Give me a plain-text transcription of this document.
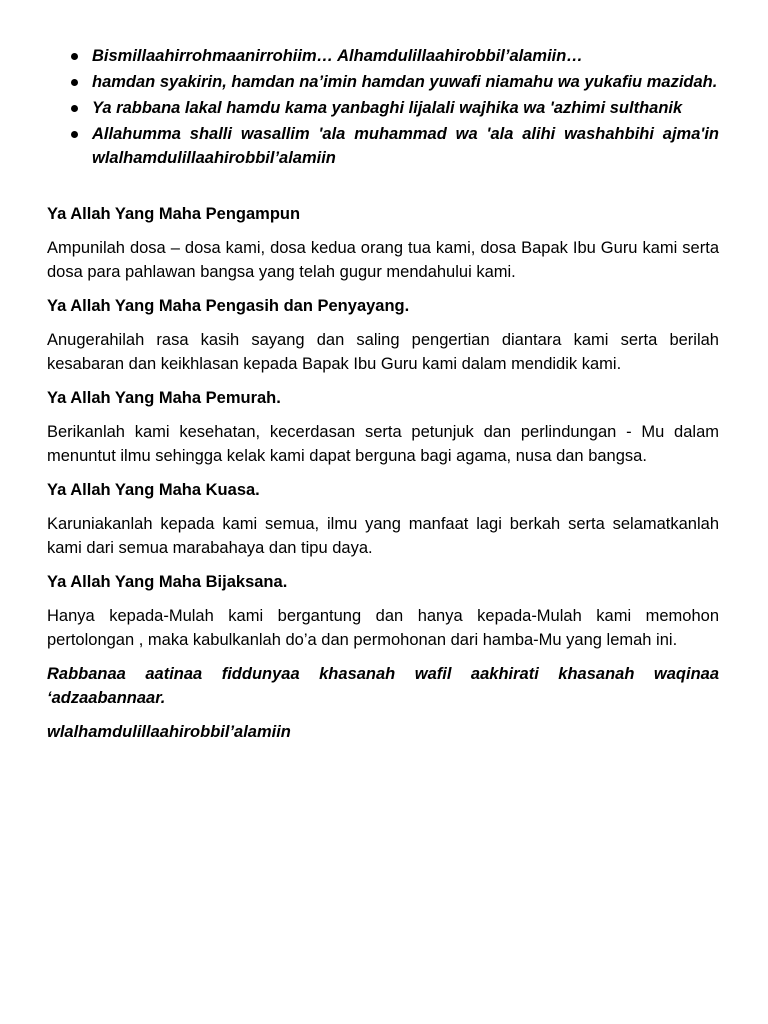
Bismillaahirrohmaanirrohiim… Alhamdulillaahirobbil’alamiin…
hamdan syakirin, hamdan na’imin hamdan yuwafi niamahu wa yukafiu mazidah.
Ya rabbana lakal hamdu kama yanbaghi lijalali wajhika wa 'azhimi sulthanik
Allahumma shalli wasallim 'ala muhammad wa 'ala alihi washahbihi ajma'in wlalhamdulillaahirobbil’alamiin

Ya Allah Yang Maha Pengampun

Ampunilah dosa – dosa kami, dosa kedua orang tua kami, dosa Bapak Ibu Guru kami serta dosa para pahlawan bangsa yang telah gugur mendahului kami.

Ya Allah Yang Maha Pengasih dan Penyayang.

Anugerahilah rasa kasih sayang dan saling pengertian diantara kami serta berilah kesabaran dan keikhlasan kepada Bapak Ibu Guru kami dalam mendidik kami.

Ya Allah Yang Maha Pemurah.

Berikanlah kami kesehatan, kecerdasan serta petunjuk dan perlindungan - Mu dalam menuntut ilmu sehingga kelak kami dapat berguna bagi agama, nusa dan bangsa.

Ya Allah Yang Maha Kuasa.

Karuniakanlah kepada kami semua, ilmu yang manfaat lagi berkah serta selamatkanlah kami dari semua marabahaya dan tipu daya.

Ya Allah Yang Maha Bijaksana.

Hanya kepada-Mulah kami bergantung dan hanya kepada-Mulah kami memohon pertolongan , maka kabulkanlah do’a dan permohonan dari hamba-Mu yang lemah ini.

Rabbanaa aatinaa fiddunyaa khasanah wafil aakhirati khasanah waqinaa ‘adzaabannaar.

wlalhamdulillaahirobbil’alamiin
